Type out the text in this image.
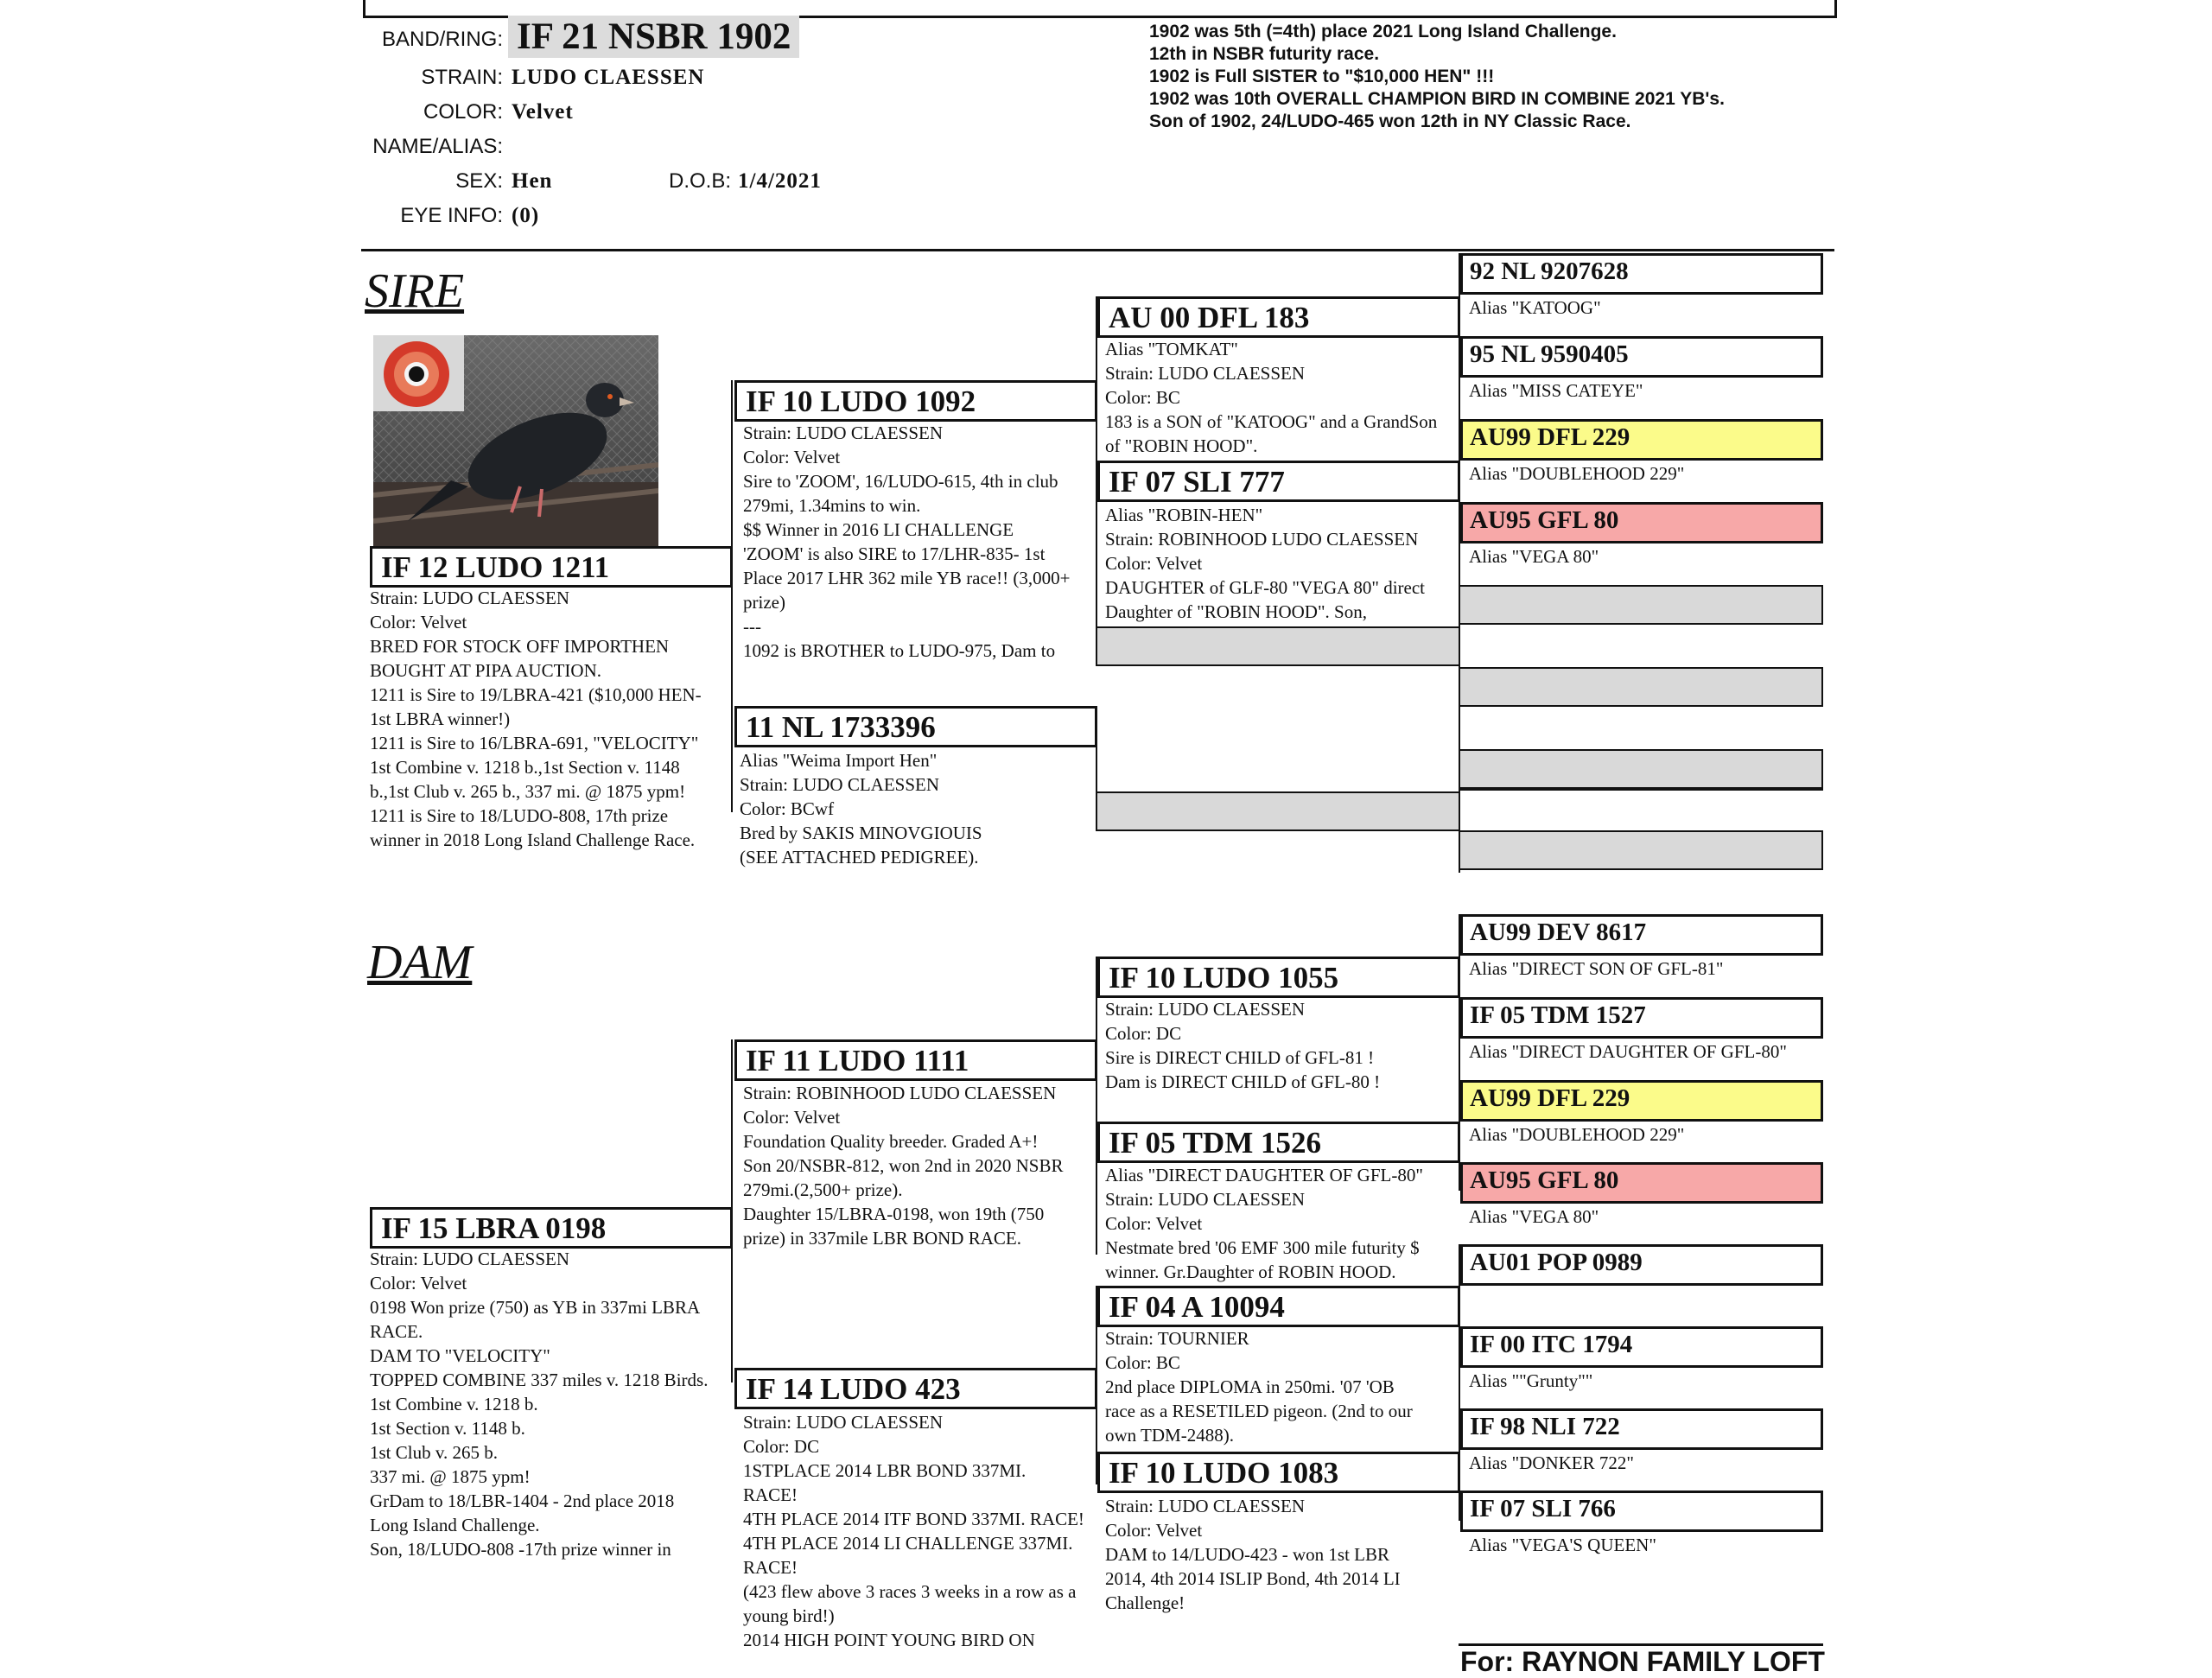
BAND/RING: IF 21 NSBR 1902
STRAIN: LUDO CLAESSEN
COLOR: Velvet
NAME/ALIAS:
SEX: Hen	D.O.B: 1/4/2021
EYE INFO: (0)
1902 was 5th (=4th) place 2021 Long Island Challenge.
12th in NSBR futurity race.
1902 is Full SISTER to "$10,000 HEN" !!!
1902 was 10th OVERALL CHAMPION BIRD IN COMBINE 2021 YB's.
Son of 1902, 24/LUDO-465 won 12th in NY Classic Race.
SIRE
DAM
IF 12 LUDO 1211
Strain: LUDO CLAESSEN
Color: Velvet
BRED FOR STOCK OFF IMPORTHEN
BOUGHT AT PIPA AUCTION.
1211 is Sire to 19/LBRA-421 ($10,000 HEN-
1st LBRA winner!)
1211 is Sire to 16/LBRA-691, "VELOCITY"
1st Combine v. 1218 b.,1st Section v. 1148
b.,1st Club v. 265 b., 337 mi. @ 1875 ypm!
1211 is Sire to 18/LUDO-808, 17th prize
winner in 2018 Long Island Challenge Race.
IF 15 LBRA 0198
Strain: LUDO CLAESSEN
Color: Velvet
0198 Won prize (750) as YB in 337mi LBRA
RACE.
DAM TO "VELOCITY"
TOPPED COMBINE 337 miles v. 1218 Birds.
1st Combine v. 1218 b.
1st Section v. 1148 b.
1st Club v. 265 b.
337 mi. @ 1875 ypm!
GrDam to 18/LBR-1404 - 2nd place 2018
Long Island Challenge.
Son, 18/LUDO-808 -17th prize winner in
IF 10 LUDO 1092
Strain: LUDO CLAESSEN
Color: Velvet
Sire to 'ZOOM', 16/LUDO-615, 4th in club
279mi, 1.34mins to win.
$$ Winner in 2016 LI CHALLENGE
'ZOOM' is also SIRE to 17/LHR-835- 1st
Place 2017 LHR 362 mile YB race!! (3,000+
prize)
---
1092 is BROTHER to LUDO-975, Dam to
11 NL 1733396
Alias "Weima Import Hen"
Strain: LUDO CLAESSEN
Color: BCwf
Bred by SAKIS MINOVGIOUIS
(SEE ATTACHED PEDIGREE).
IF 11 LUDO 1111
Strain: ROBINHOOD LUDO CLAESSEN
Color: Velvet
Foundation Quality breeder. Graded A+!
Son 20/NSBR-812, won 2nd in 2020 NSBR
279mi.(2,500+ prize).
Daughter 15/LBRA-0198, won 19th (750
prize) in 337mile LBR BOND RACE.
IF 14 LUDO 423
Strain: LUDO CLAESSEN
Color: DC
1STPLACE 2014 LBR BOND 337MI.
RACE!
4TH PLACE 2014 ITF BOND 337MI. RACE!
4TH PLACE 2014 LI CHALLENGE 337MI.
RACE!
(423 flew above 3 races 3 weeks in a row as a
young bird!)
2014 HIGH POINT YOUNG BIRD ON
AU 00 DFL 183
Alias "TOMKAT"
Strain: LUDO CLAESSEN
Color: BC
183 is a SON of "KATOOG" and a GrandSon
of "ROBIN HOOD".
IF 07 SLI 777
Alias "ROBIN-HEN"
Strain: ROBINHOOD LUDO CLAESSEN
Color: Velvet
DAUGHTER of GLF-80 "VEGA 80" direct
Daughter of "ROBIN HOOD". Son,
IF 10 LUDO 1055
Strain: LUDO CLAESSEN
Color: DC
Sire is DIRECT CHILD of GFL-81 !
Dam is DIRECT CHILD of GFL-80 !
IF 05 TDM 1526
Alias "DIRECT DAUGHTER OF GFL-80"
Strain: LUDO CLAESSEN
Color: Velvet
Nestmate bred '06 EMF 300 mile futurity $
winner. Gr.Daughter of ROBIN HOOD.
IF 04 A 10094
Strain: TOURNIER
Color: BC
2nd place DIPLOMA in 250mi. '07 'OB
race as a RESETILED pigeon. (2nd to our
own TDM-2488).
IF 10 LUDO 1083
Strain: LUDO CLAESSEN
Color: Velvet
DAM to 14/LUDO-423 - won 1st LBR
2014, 4th 2014 ISLIP Bond, 4th 2014 LI
Challenge!
92 NL 9207628
Alias "KATOOG"
95 NL 9590405
Alias "MISS CATEYE"
AU99 DFL 229
Alias "DOUBLEHOOD 229"
AU95 GFL 80
Alias "VEGA 80"
AU99 DEV 8617
Alias "DIRECT SON OF GFL-81"
IF 05 TDM 1527
Alias "DIRECT DAUGHTER OF GFL-80"
AU99 DFL 229
Alias "DOUBLEHOOD 229"
AU95 GFL 80
Alias "VEGA 80"
AU01 POP 0989
IF 00 ITC 1794
Alias ""Grunty""
IF 98 NLI 722
Alias "DONKER 722"
IF 07 SLI 766
Alias "VEGA'S QUEEN"
For: RAYNON FAMILY LOFT
